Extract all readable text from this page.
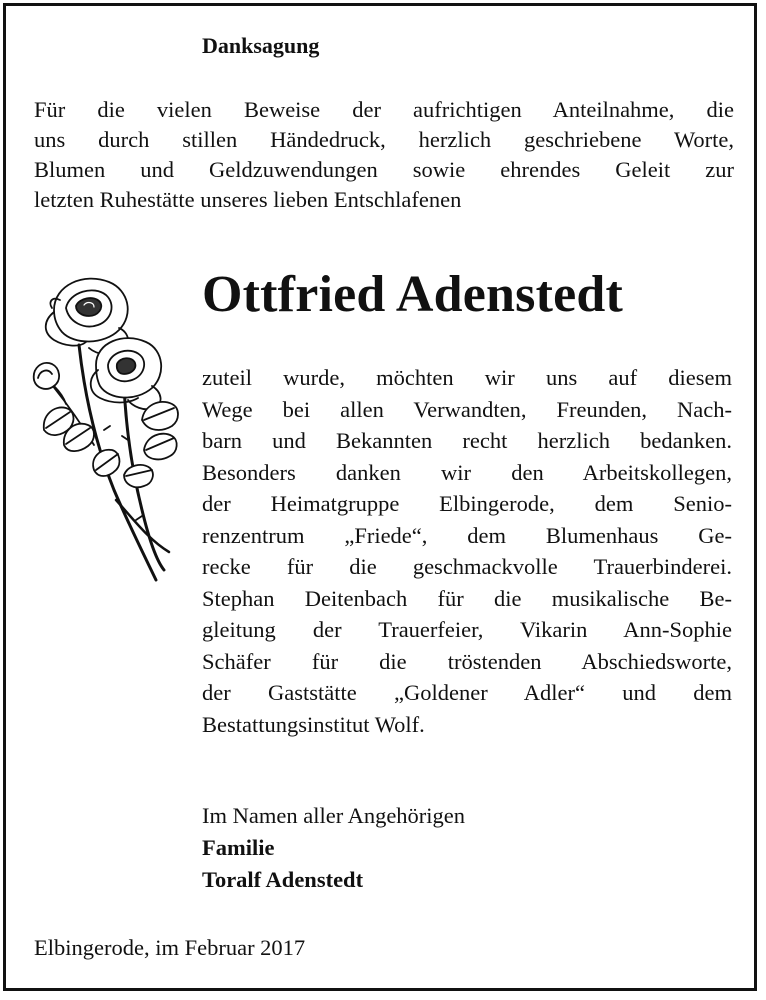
Danksagung
Für die vielen Beweise der aufrichtigen Anteilnahme, die
uns durch stillen Händedruck, herzlich geschriebene Worte,
Blumen und Geldzuwendungen sowie ehrendes Geleit zur
letzten Ruhestätte unseres lieben Entschlafenen
Ottfried Adenstedt
zuteil wurde, möchten wir uns auf diesem
Wege bei allen Verwandten, Freunden, Nach-
barn und Bekannten recht herzlich bedanken.
Besonders danken wir den Arbeitskollegen,
der Heimatgruppe Elbingerode, dem Senio-
renzentrum „Friede“, dem Blumenhaus Ge-
recke für die geschmackvolle Trauerbinderei.
Stephan Deitenbach für die musikalische Be-
gleitung der Trauerfeier, Vikarin Ann-Sophie
Schäfer für die tröstenden Abschiedsworte,
der Gaststätte „Goldener Adler“ und dem
Bestattungsinstitut Wolf.
Im Namen aller Angehörigen
Familie
Toralf Adenstedt
Elbingerode, im Februar 2017
